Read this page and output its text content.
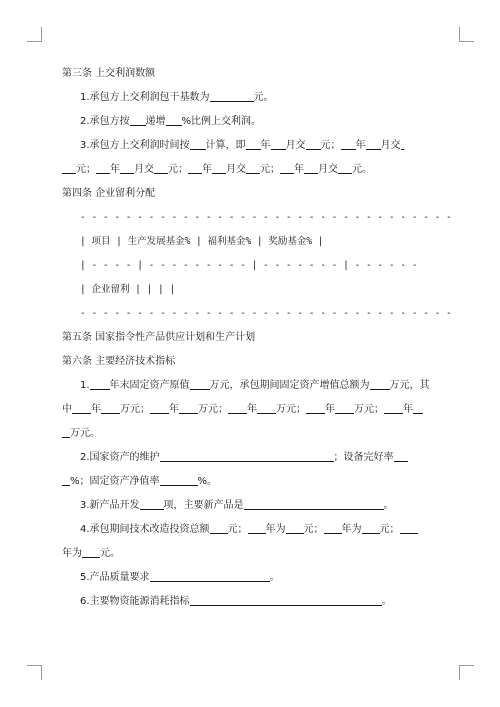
第三条 上交利润数额
1.承包方上交利润包干基数为	元。
2.承包方按 递增 %比例上交利润。
3.承包方上交利润时间按 计算，即 年 月交 元； 年 月交
元； 年 月交 元； 年 月交 元； 年 月交 元。
第四条 企业留利分配
- - - - - - - - - - - - - - - - - - - - - - - - - - - - - - - - -
| 项目 | 生产发展基金% | 福利基金% | 奖励基金% |
| - - - - | - - - - - - - - - | - - - - - - - | - - - - - -
| 企业留利 | | | |
- - - - - - - - - - - - - - - - - - - - - - - - - - - - - - - - -
第五条 国家指令性产品供应计划和生产计划
第六条 主要经济技术指标
1. 年末固定资产原值 万元，承包期间固定资产增值总额为 万元，其
中 年 万元； 年 万元； 年 万元； 年 万元； 年
万元。
2.国家资产的维护	；设备完好率
%；固定资产净值率	%。
3.新产品开发 项，主要新产品是	。
4.承包期间技术改造投资总额 元； 年为 元； 年为 元；
年为 元。
5.产品质量要求	。
6.主要物资能源消耗指标	。
